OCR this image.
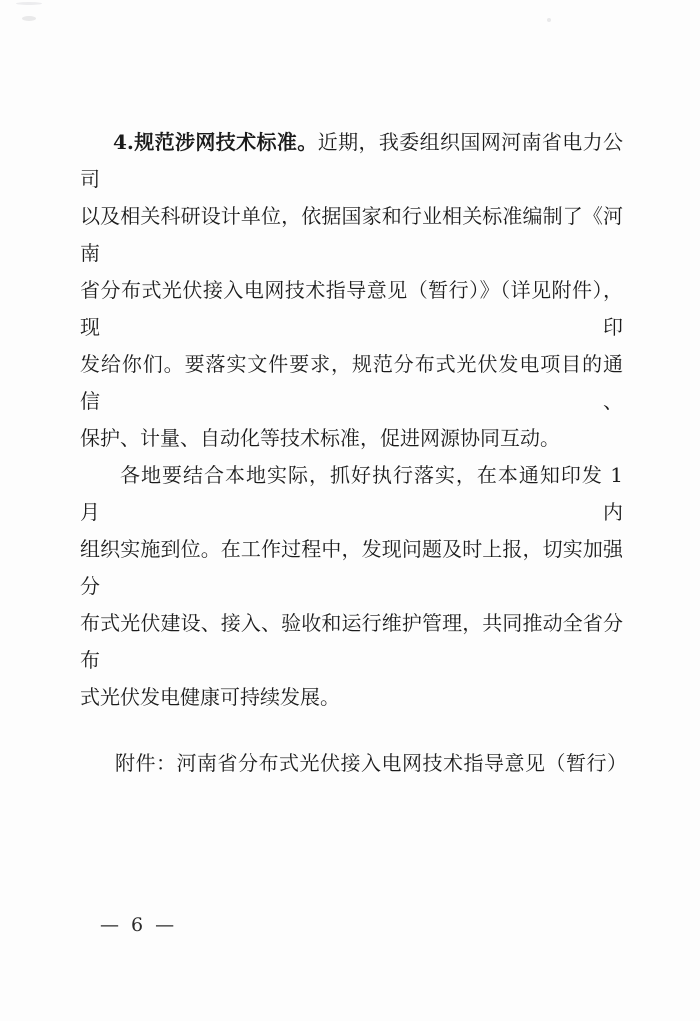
4.规范涉网技术标准。近期，我委组织国网河南省电力公司
以及相关科研设计单位，依据国家和行业相关标准编制了《河南
省分布式光伏接入电网技术指导意见（暂行）》（详见附件），现印
发给你们。要落实文件要求，规范分布式光伏发电项目的通信、
保护、计量、自动化等技术标准，促进网源协同互动。
各地要结合本地实际，抓好执行落实，在本通知印发 1 月内
组织实施到位。在工作过程中，发现问题及时上报，切实加强分
布式光伏建设、接入、验收和运行维护管理，共同推动全省分布
式光伏发电健康可持续发展。
附件：河南省分布式光伏接入电网技术指导意见（暂行）
— 6 —
